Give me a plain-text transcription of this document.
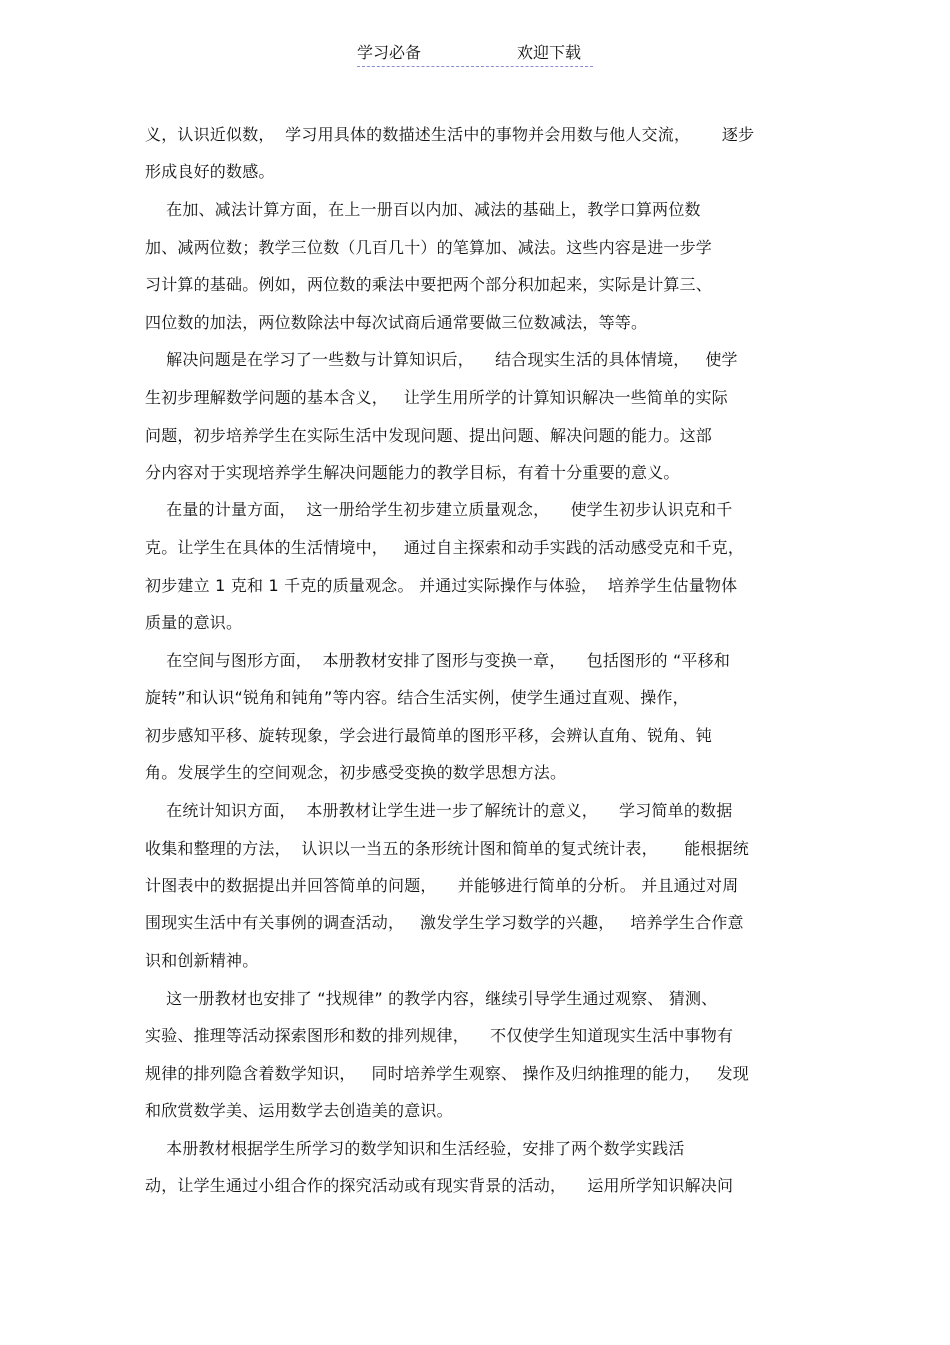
学习必备	欢迎下载
义，认识近似数，  学习用具体的数描述生活中的事物并会用数与他人交流，      逐步
形成良好的数感。
在加、减法计算方面，在上一册百以内加、减法的基础上，教学口算两位数
加、减两位数；教学三位数（几百几十）的笔算加、减法。这些内容是进一步学
习计算的基础。例如，两位数的乘法中要把两个部分积加起来，实际是计算三、
四位数的加法，两位数除法中每次试商后通常要做三位数减法，等等。
解决问题是在学习了一些数与计算知识后，    结合现实生活的具体情境，   使学
生初步理解数学问题的基本含义，   让学生用所学的计算知识解决一些简单的实际
问题，初步培养学生在实际生活中发现问题、提出问题、解决问题的能力。这部
分内容对于实现培养学生解决问题能力的教学目标，有着十分重要的意义。
在量的计量方面，  这一册给学生初步建立质量观念，    使学生初步认识克和千
克。让学生在具体的生活情境中，   通过自主探索和动手实践的活动感受克和千克，
初步建立 1 克和 1 千克的质量观念。 并通过实际操作与体验，  培养学生估量物体
质量的意识。
在空间与图形方面，  本册教材安排了图形与变换一章，    包括图形的 “平移和
旋转”和认识“锐角和钝角”等内容。结合生活实例，使学生通过直观、操作，
初步感知平移、旋转现象，学会进行最简单的图形平移，会辨认直角、锐角、钝
角。发展学生的空间观念，初步感受变换的数学思想方法。
在统计知识方面，  本册教材让学生进一步了解统计的意义，    学习简单的数据
收集和整理的方法，  认识以一当五的条形统计图和简单的复式统计表，     能根据统
计图表中的数据提出并回答简单的问题，    并能够进行简单的分析。 并且通过对周
围现实生活中有关事例的调查活动，   激发学生学习数学的兴趣，   培养学生合作意
识和创新精神。
这一册教材也安排了 “找规律” 的教学内容，继续引导学生通过观察、 猜测、
实验、推理等活动探索图形和数的排列规律，    不仅使学生知道现实生活中事物有
规律的排列隐含着数学知识，   同时培养学生观察、 操作及归纳推理的能力，   发现
和欣赏数学美、运用数学去创造美的意识。
本册教材根据学生所学习的数学知识和生活经验，安排了两个数学实践活
动，让学生通过小组合作的探究活动或有现实背景的活动，    运用所学知识解决问
